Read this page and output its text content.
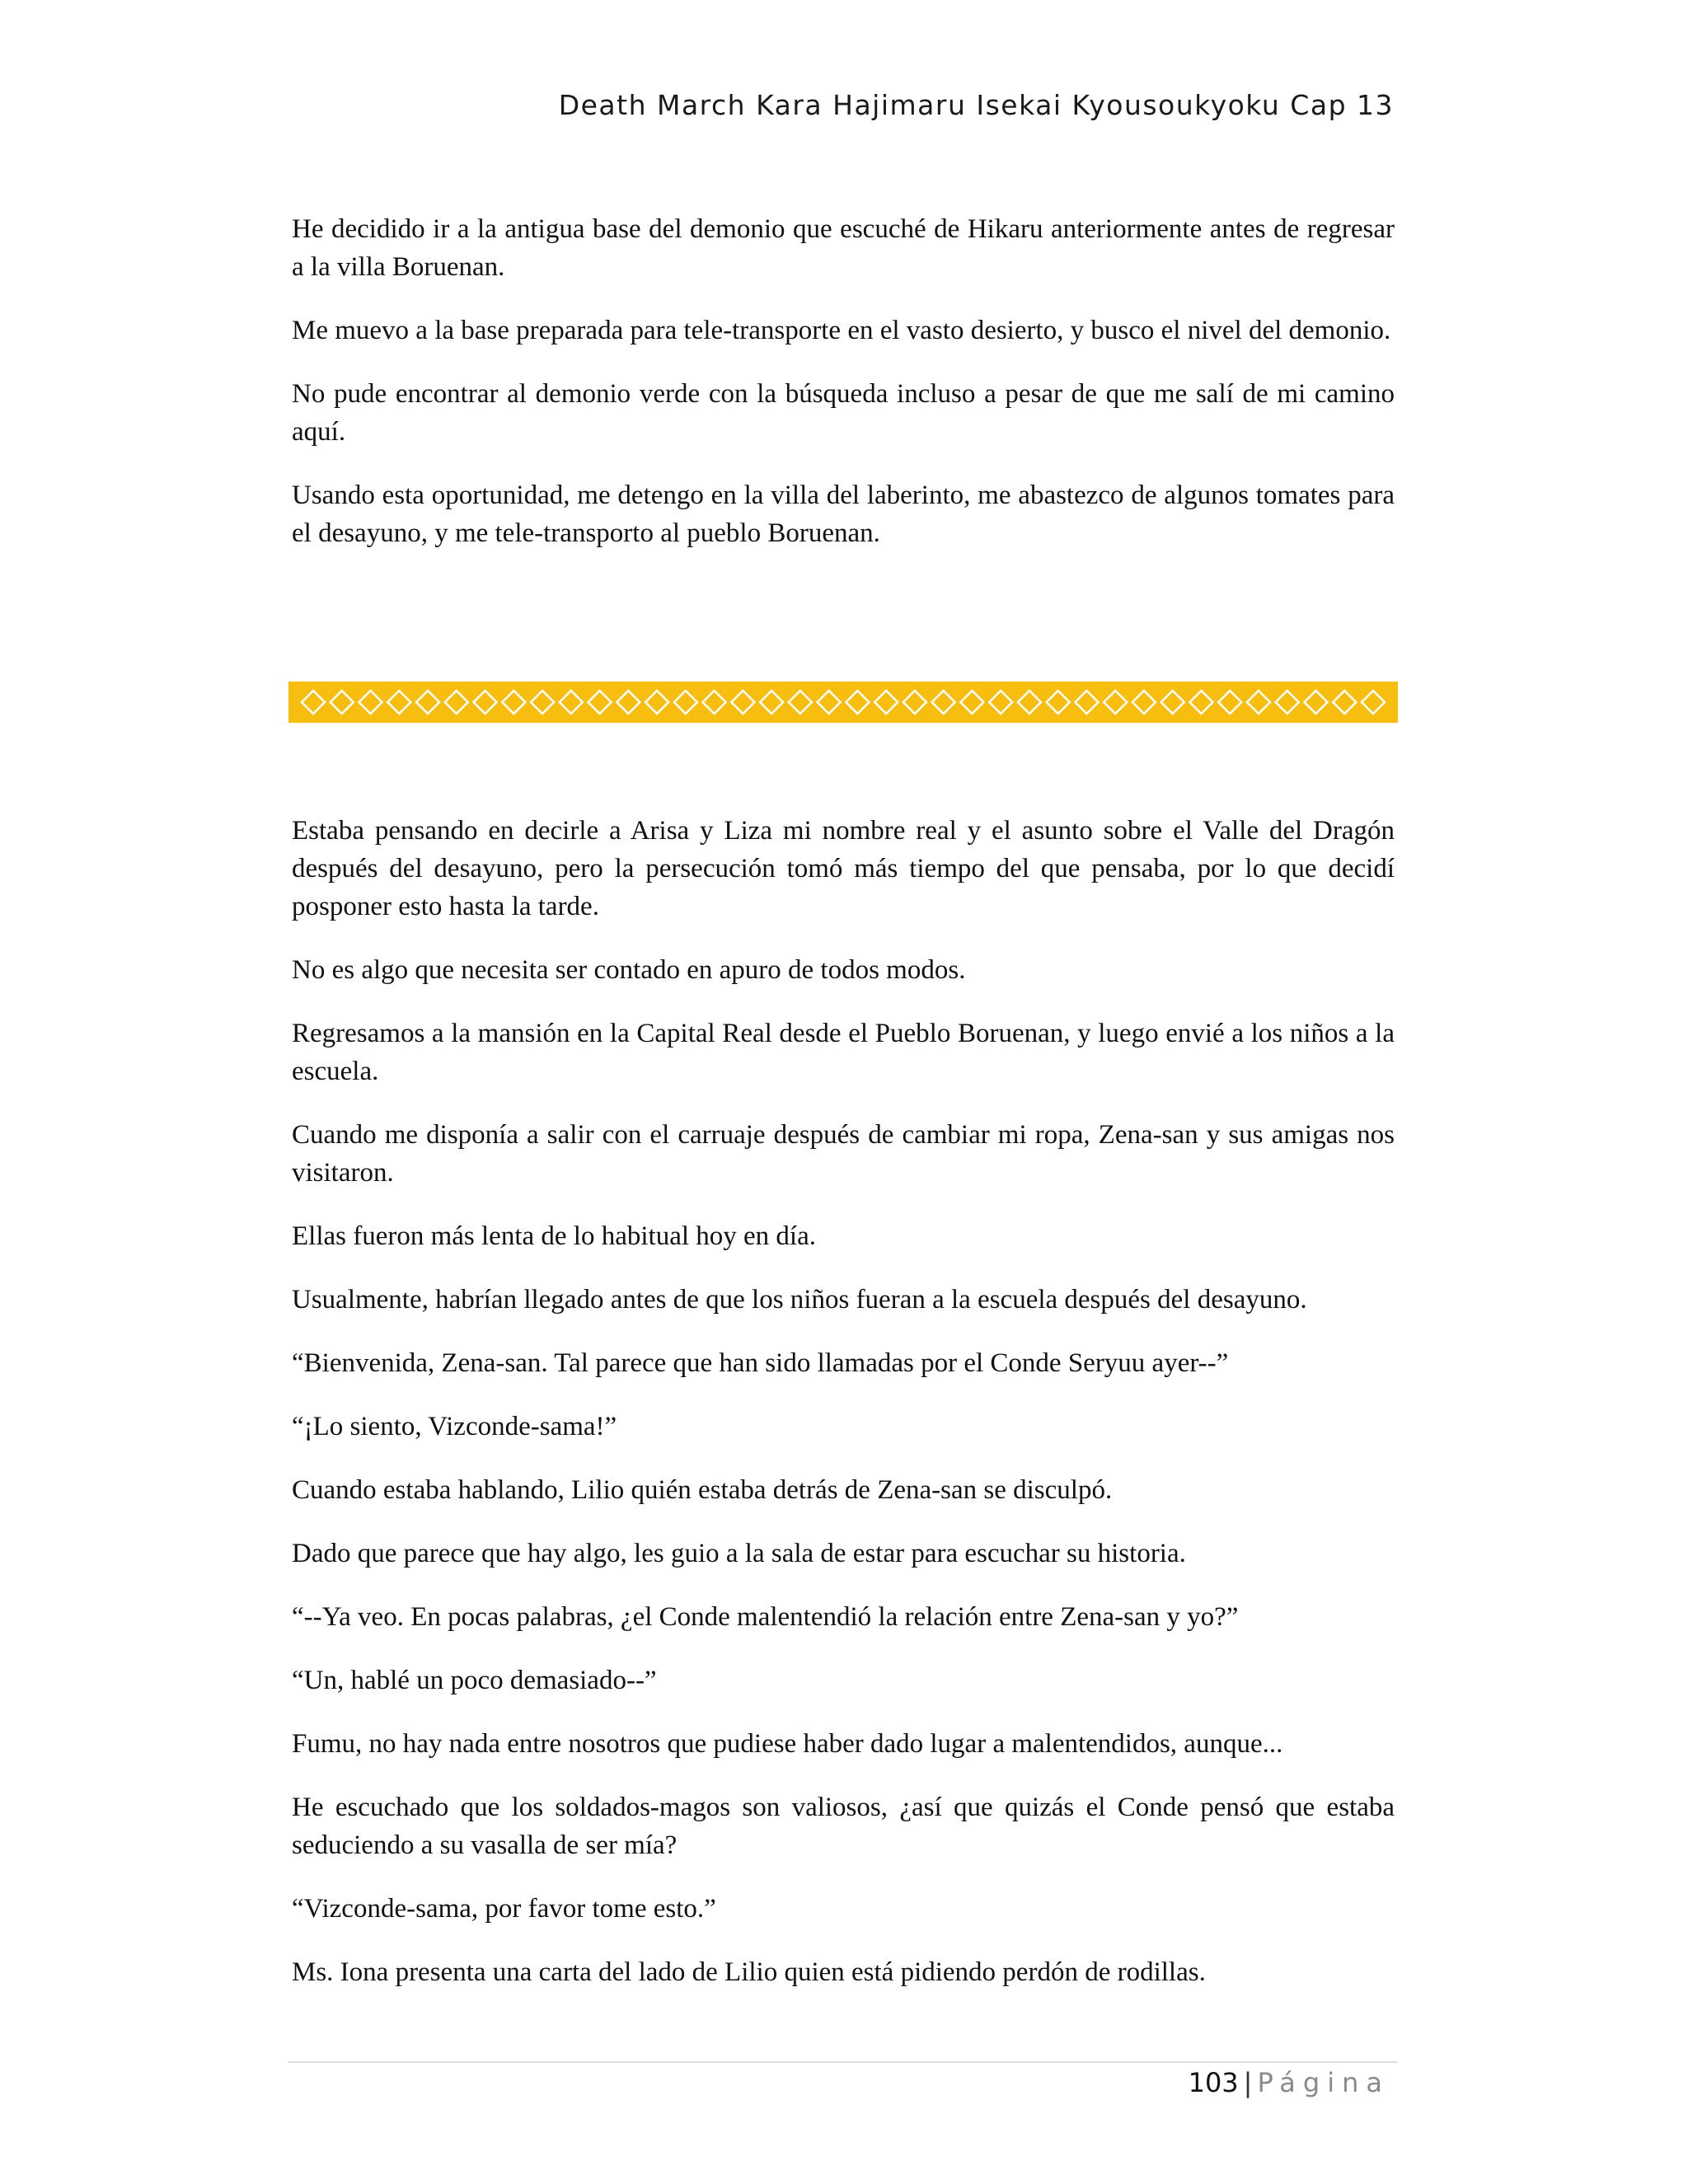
Death March Kara Hajimaru Isekai Kyousoukyoku Cap 13

He decidido ir a la antigua base del demonio que escuché de Hikaru anteriormente antes de regresar a la villa Boruenan.

Me muevo a la base preparada para tele-transporte en el vasto desierto, y busco el nivel del demonio.

No pude encontrar al demonio verde con la búsqueda incluso a pesar de que me salí de mi camino aquí.

Usando esta oportunidad, me detengo en la villa del laberinto, me abastezco de algunos tomates para el desayuno, y me tele-transporto al pueblo Boruenan.

Estaba pensando en decirle a Arisa y Liza mi nombre real y el asunto sobre el Valle del Dragón después del desayuno, pero la persecución tomó más tiempo del que pensaba, por lo que decidí posponer esto hasta la tarde.

No es algo que necesita ser contado en apuro de todos modos.

Regresamos a la mansión en la Capital Real desde el Pueblo Boruenan, y luego envié a los niños a la escuela.

Cuando me disponía a salir con el carruaje después de cambiar mi ropa, Zena-san y sus amigas nos visitaron.

Ellas fueron más lenta de lo habitual hoy en día.

Usualmente, habrían llegado antes de que los niños fueran a la escuela después del desayuno.

“Bienvenida, Zena-san. Tal parece que han sido llamadas por el Conde Seryuu ayer--”

“¡Lo siento, Vizconde-sama!”

Cuando estaba hablando, Lilio quién estaba detrás de Zena-san se disculpó.

Dado que parece que hay algo, les guio a la sala de estar para escuchar su historia.

“--Ya veo. En pocas palabras, ¿el Conde malentendió la relación entre Zena-san y yo?”

“Un, hablé un poco demasiado--”

Fumu, no hay nada entre nosotros que pudiese haber dado lugar a malentendidos, aunque...

He escuchado que los soldados-magos son valiosos, ¿así que quizás el Conde pensó que estaba seduciendo a su vasalla de ser mía?

“Vizconde-sama, por favor tome esto.”

Ms. Iona presenta una carta del lado de Lilio quien está pidiendo perdón de rodillas.

103 | Página
